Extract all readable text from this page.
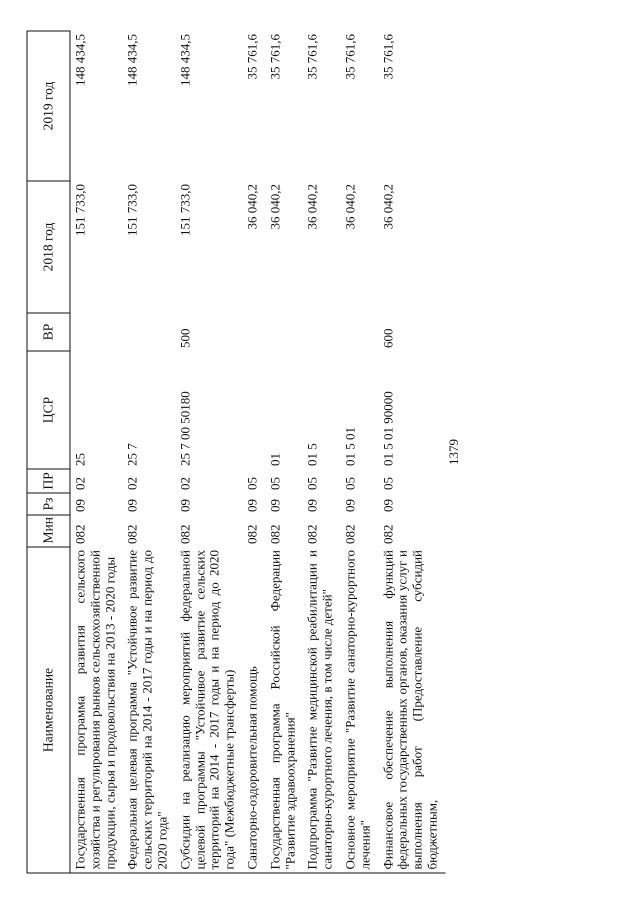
1379
Наименование	Мин	Рз	ПР	ЦСР	ВР	2018 год	2019 год
Государственная программа развития сельского хозяйства и регулирования рынков сельскохозяйственной продукции, сырья и продовольствия на 2013 - 2020 годы	082	09	02	25		151 733,0	148 434,5
Федеральная целевая программа "Устойчивое развитие сельских территорий на 2014 - 2017 годы и на период до 2020 года"	082	09	02	25 7		151 733,0	148 434,5
Субсидии на реализацию мероприятий федеральной целевой программы "Устойчивое развитие сельских территорий на 2014 - 2017 годы и на период до 2020 года" (Межбюджетные трансферты)	082	09	02	25 7 00 50180	500	151 733,0	148 434,5
Санаторно-оздоровительная помощь	082	09	05			36 040,2	35 761,6
Государственная программа Российской Федерации "Развитие здравоохранения"	082	09	05	01		36 040,2	35 761,6
Подпрограмма "Развитие медицинской реабилитации и санаторно-курортного лечения, в том числе детей"	082	09	05	01 5		36 040,2	35 761,6
Основное мероприятие "Развитие санаторно-курортного лечения"	082	09	05	01 5 01		36 040,2	35 761,6
Финансовое обеспечение выполнения функций федеральных государственных органов, оказания услуг и выполнения работ (Предоставление субсидий бюджетным,	082	09	05	01 5 01 90000	600	36 040,2	35 761,6
